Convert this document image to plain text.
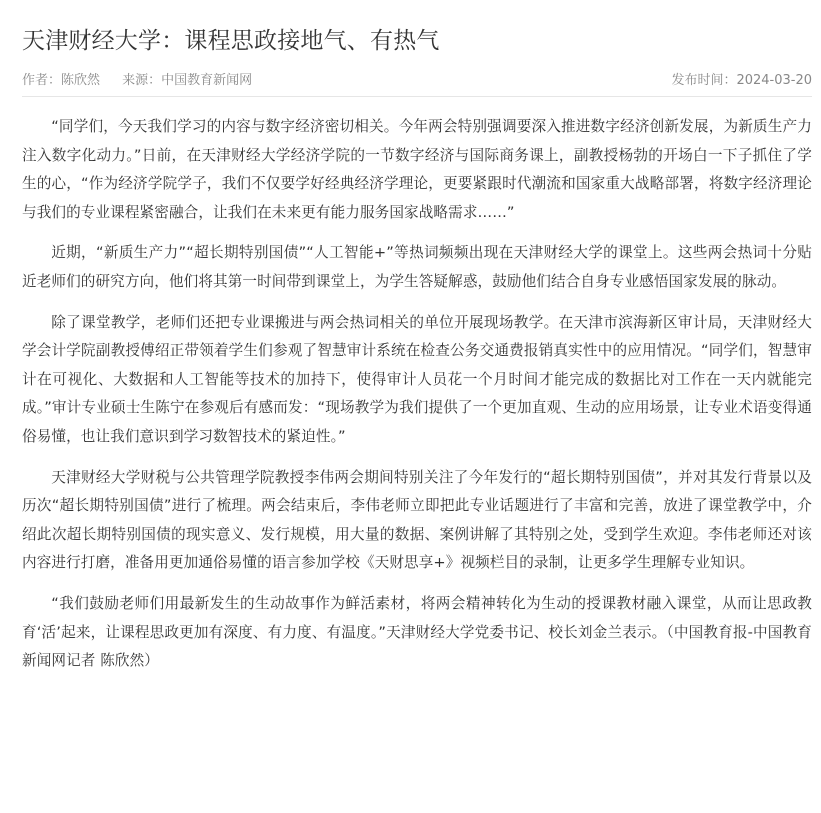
天津财经大学：课程思政接地气、有热气
作者：陈欣然 来源：中国教育新闻网	发布时间：2024-03-20

“同学们，今天我们学习的内容与数字经济密切相关。今年两会特别强调要深入推进数字经济创新发展，为新质生产力注入数字化动力。”日前，在天津财经大学经济学院的一节数字经济与国际商务课上，副教授杨勃的开场白一下子抓住了学生的心，“作为经济学院学子，我们不仅要学好经典经济学理论，更要紧跟时代潮流和国家重大战略部署，将数字经济理论与我们的专业课程紧密融合，让我们在未来更有能力服务国家战略需求……”

近期，“新质生产力”“超长期特别国债”“人工智能+”等热词频频出现在天津财经大学的课堂上。这些两会热词十分贴近老师们的研究方向，他们将其第一时间带到课堂上，为学生答疑解惑，鼓励他们结合自身专业感悟国家发展的脉动。

除了课堂教学，老师们还把专业课搬进与两会热词相关的单位开展现场教学。在天津市滨海新区审计局，天津财经大学会计学院副教授傅绍正带领着学生们参观了智慧审计系统在检查公务交通费报销真实性中的应用情况。“同学们，智慧审计在可视化、大数据和人工智能等技术的加持下，使得审计人员花一个月时间才能完成的数据比对工作在一天内就能完成。”审计专业硕士生陈宁在参观后有感而发：“现场教学为我们提供了一个更加直观、生动的应用场景，让专业术语变得通俗易懂，也让我们意识到学习数智技术的紧迫性。”

天津财经大学财税与公共管理学院教授李伟两会期间特别关注了今年发行的“超长期特别国债”，并对其发行背景以及历次“超长期特别国债”进行了梳理。两会结束后，李伟老师立即把此专业话题进行了丰富和完善，放进了课堂教学中，介绍此次超长期特别国债的现实意义、发行规模，用大量的数据、案例讲解了其特别之处，受到学生欢迎。李伟老师还对该内容进行打磨，准备用更加通俗易懂的语言参加学校《天财思享+》视频栏目的录制，让更多学生理解专业知识。

“我们鼓励老师们用最新发生的生动故事作为鲜活素材，将两会精神转化为生动的授课教材融入课堂，从而让思政教育‘活’起来，让课程思政更加有深度、有力度、有温度。”天津财经大学党委书记、校长刘金兰表示。（中国教育报-中国教育新闻网记者 陈欣然）
